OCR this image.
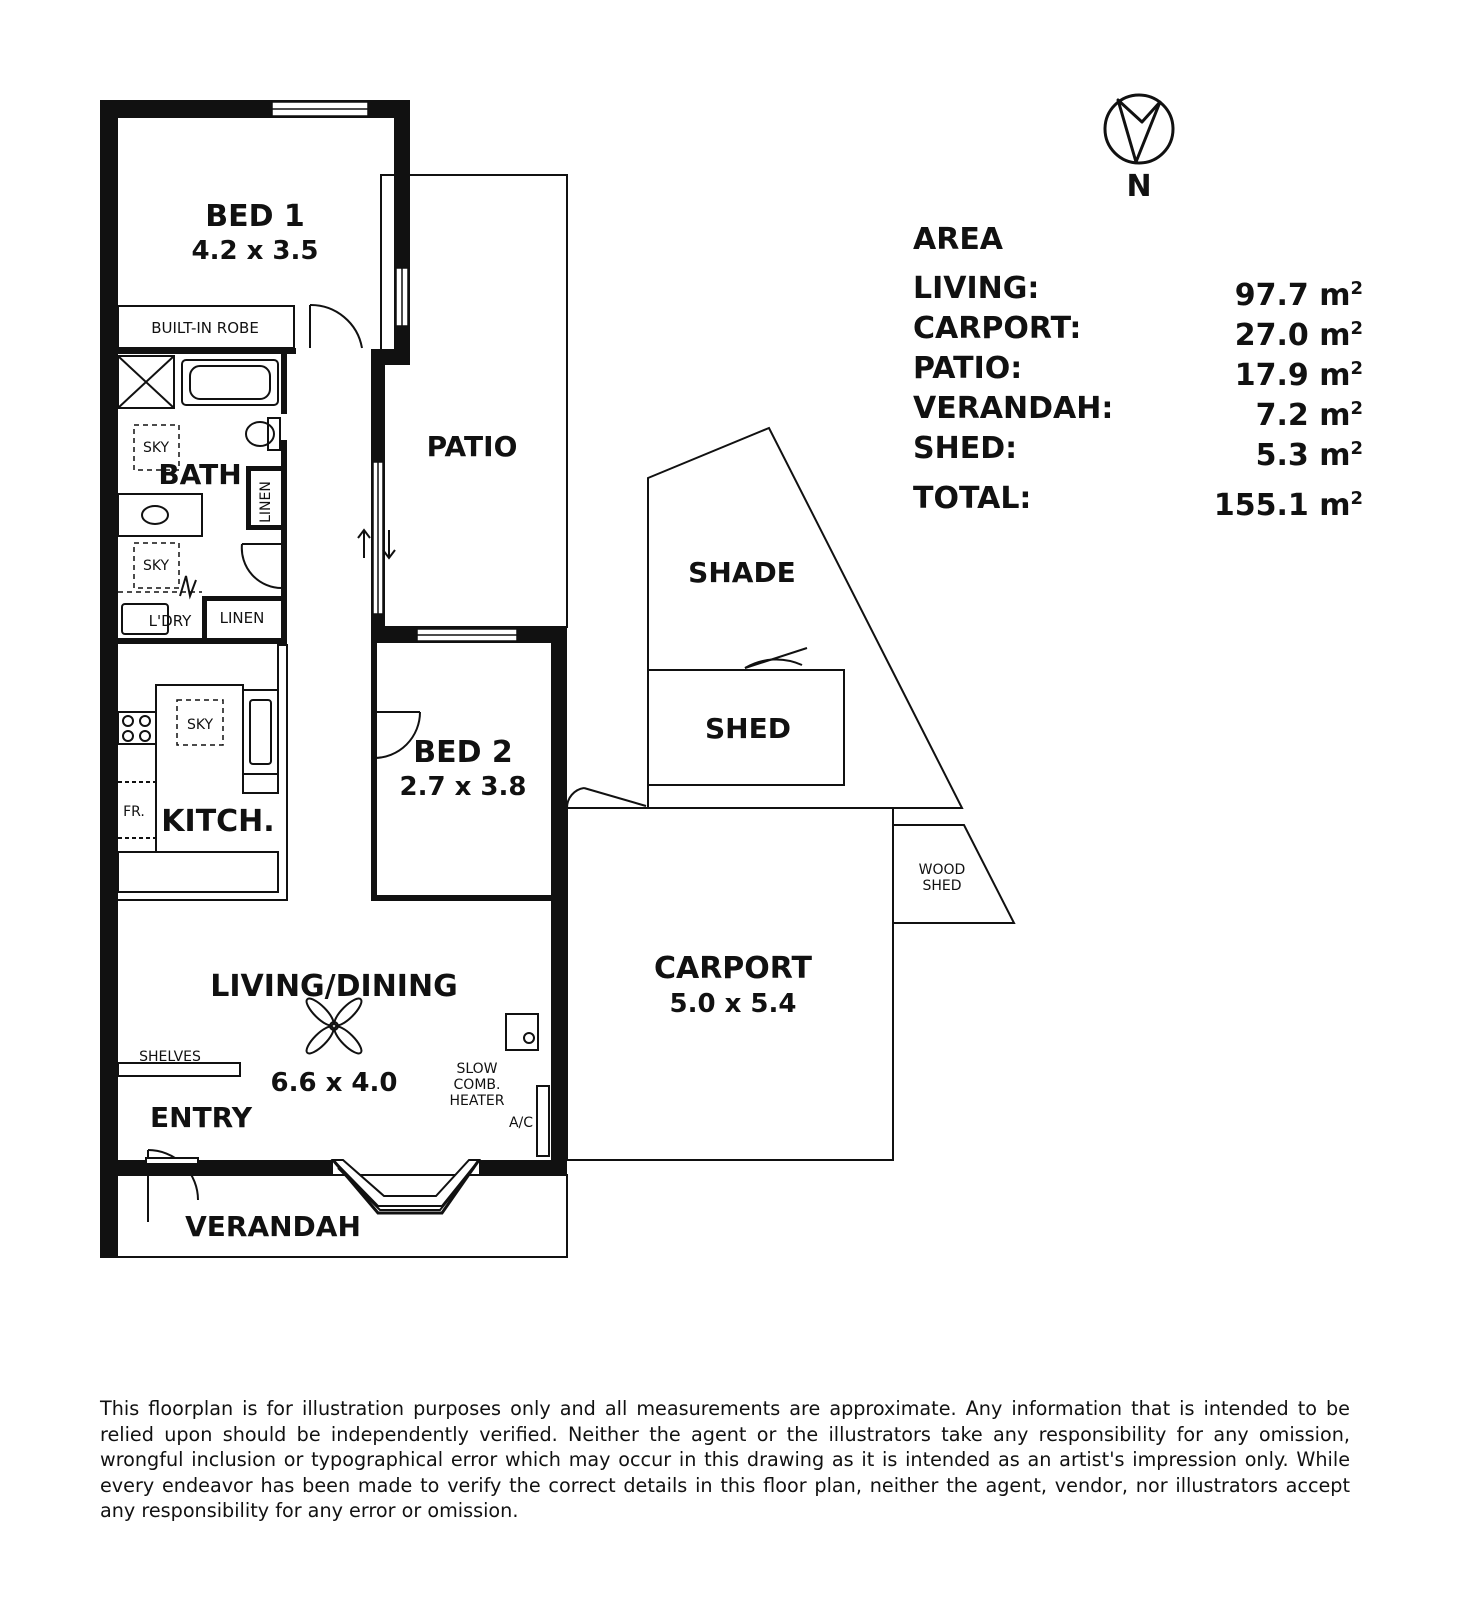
N
BED 1
4.2 x 3.5
BUILT-IN ROBE
PATIO
SKY
BATH
LINEN
SKY
L'DRY LINEN
SKY
FR. KITCH.
BED 2
2.7 x 3.8
SHADE
SHED
WOOD
SHED
CARPORT
5.0 x 5.4
LIVING/DINING
6.6 x 4.0
SHELVES
SLOW
COMB.
HEATER
A/C
ENTRY
VERANDAH
AREA
LIVING:	97.7 $m^2$
CARPORT:	27.0 $m^2$
PATIO:	17.9 $m^2$
VERANDAH:	7.2 $m^2$
SHED:	5.3 $m^2$
TOTAL:	155.1 $m^2$
This floorplan is for illustration purposes only and all measurements are approximate. Any information that is intended to be relied upon should be independently verified. Neither the agent or the illustrators take any responsibility for any omission, wrongful inclusion or typographical error which may occur in this drawing as it is intended as an artist's impression only. While every endeavor has been made to verify the correct details in this floor plan, neither the agent, vendor, nor illustrators accept any responsibility for any error or omission.
